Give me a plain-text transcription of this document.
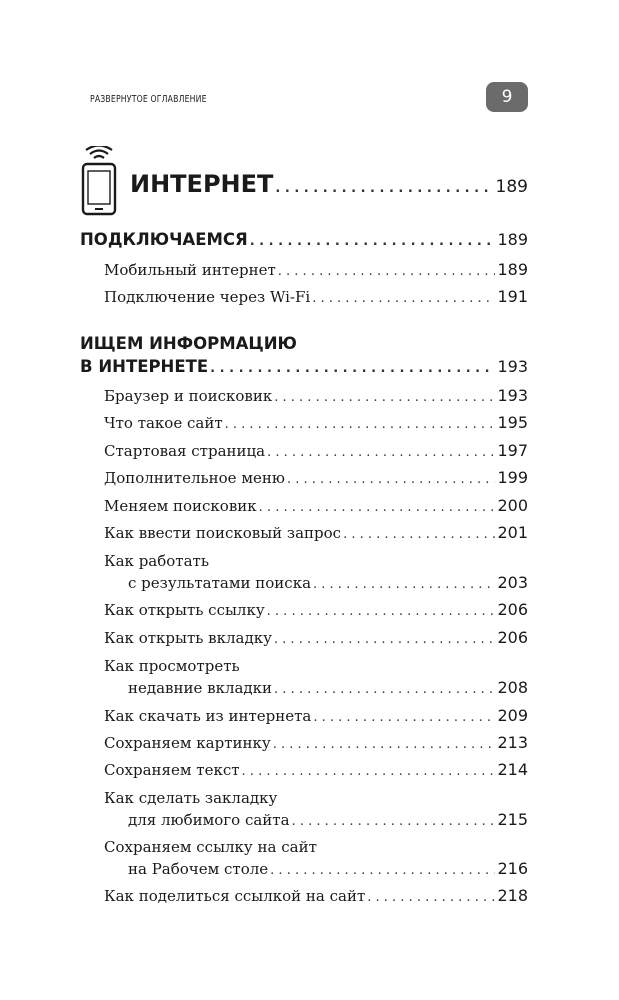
РАЗВЕРНУТОЕ ОГЛАВЛЕНИЕ	9
ИНТЕРНЕТ . . .	189
ПОДКЛЮЧАЕМСЯ . . .	189
Мобильный интернет . . .	189
Подключение через Wi-Fi . . .	191
ИЩЕМ ИНФОРМАЦИЮ
В ИНТЕРНЕТЕ . . .	193
Браузер и поисковик . . .	193
Что такое сайт . . .	195
Стартовая страница . . .	197
Дополнительное меню . . .	199
Меняем поисковик . . .	200
Как ввести поисковый запрос . . .	201
Как работать
с результатами поиска . . .	203
Как открыть ссылку . . .	206
Как открыть вкладку . . .	206
Как просмотреть
недавние вкладки . . .	208
Как скачать из интернета . . .	209
Сохраняем картинку . . .	213
Сохраняем текст . . .	214
Как сделать закладку
для любимого сайта . . .	215
Сохраняем ссылку на сайт
на Рабочем столе . . .	216
Как поделиться ссылкой на сайт . . .	218
